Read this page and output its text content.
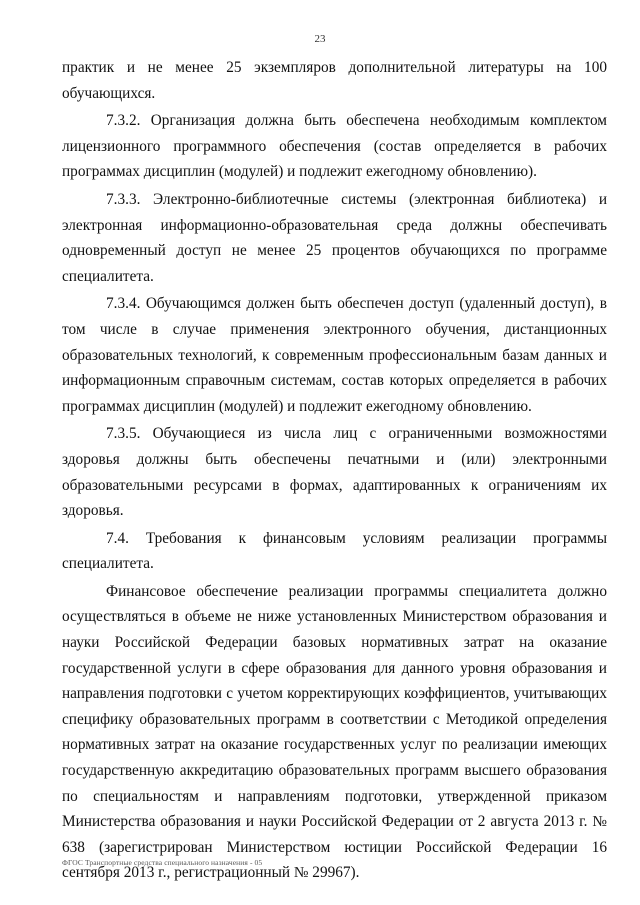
23

практик и не менее 25 экземпляров дополнительной литературы на 100 обучающихся.

7.3.2. Организация должна быть обеспечена необходимым комплектом лицензионного программного обеспечения (состав определяется в рабочих программах дисциплин (модулей) и подлежит ежегодному обновлению).

7.3.3. Электронно-библиотечные системы (электронная библиотека) и электронная информационно-образовательная среда должны обеспечивать одновременный доступ не менее 25 процентов обучающихся по программе специалитета.

7.3.4. Обучающимся должен быть обеспечен доступ (удаленный доступ), в том числе в случае применения электронного обучения, дистанционных образовательных технологий, к современным профессиональным базам данных и информационным справочным системам, состав которых определяется в рабочих программах дисциплин (модулей) и подлежит ежегодному обновлению.

7.3.5. Обучающиеся из числа лиц с ограниченными возможностями здоровья должны быть обеспечены печатными и (или) электронными образовательными ресурсами в формах, адаптированных к ограничениям их здоровья.

7.4. Требования к финансовым условиям реализации программы специалитета.

Финансовое обеспечение реализации программы специалитета должно осуществляться в объеме не ниже установленных Министерством образования и науки Российской Федерации базовых нормативных затрат на оказание государственной услуги в сфере образования для данного уровня образования и направления подготовки с учетом корректирующих коэффициентов, учитывающих специфику образовательных программ в соответствии с Методикой определения нормативных затрат на оказание государственных услуг по реализации имеющих государственную аккредитацию образовательных программ высшего образования по специальностям и направлениям подготовки, утвержденной приказом Министерства образования и науки Российской Федерации от 2 августа 2013 г. № 638 (зарегистрирован Министерством юстиции Российской Федерации 16 сентября 2013 г., регистрационный № 29967).

ФГОС Транспортные средства специального назначения - 05
